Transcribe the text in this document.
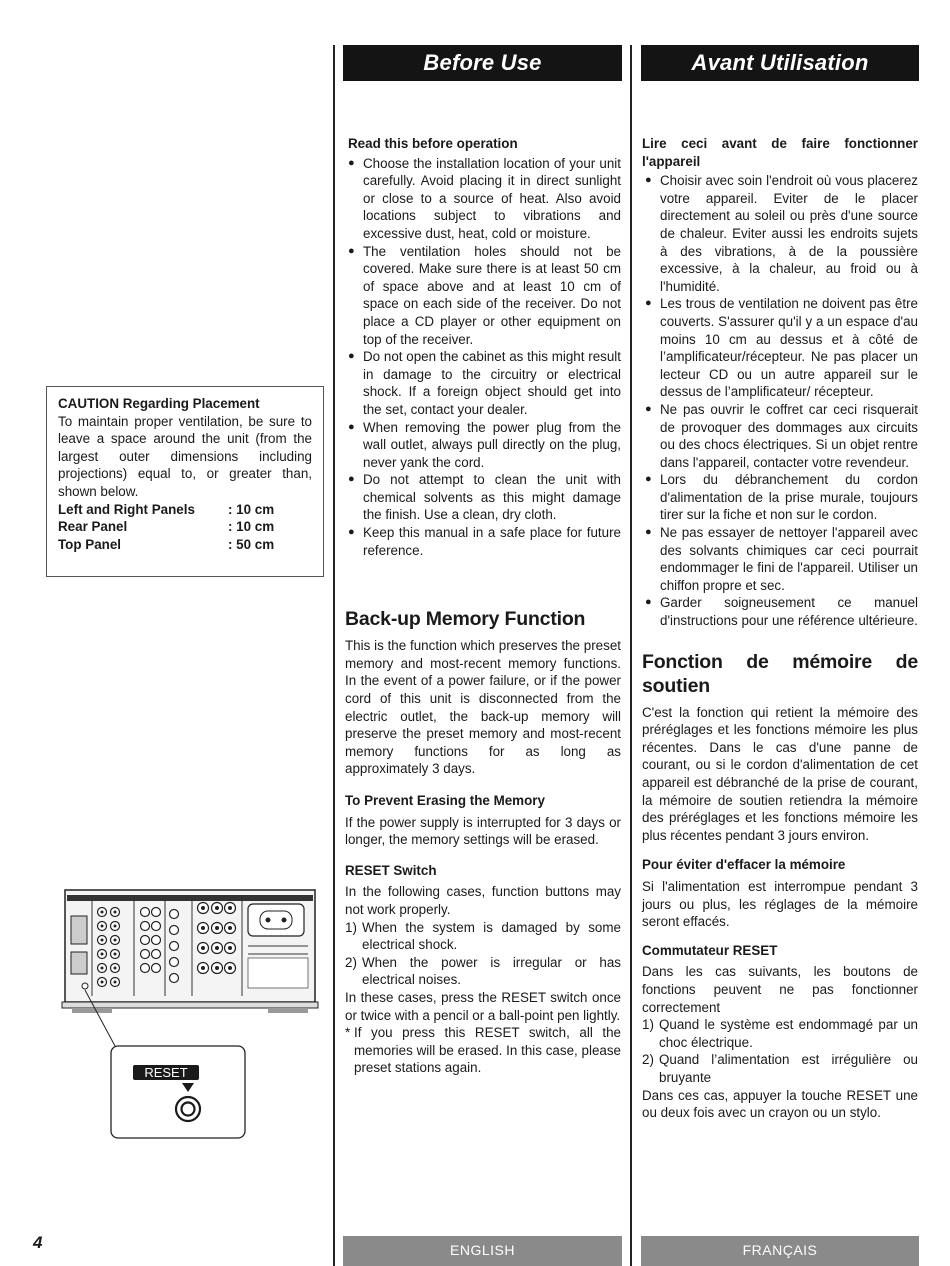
Before Use	Avant Utilisation

CAUTION Regarding Placement

To maintain proper ventilation, be sure to leave a space around the unit (from the largest outer dimensions including projections) equal to, or greater than, shown below.

Left and Right Panels	: 10 cm
Rear Panel	: 10 cm
Top Panel	: 50 cm
RESET

Read this before operation

● Choose the installation location of your unit carefully. Avoid placing it in direct sunlight or close to a source of heat. Also avoid locations subject to vibrations and excessive dust, heat, cold or moisture.
● The ventilation holes should not be covered. Make sure there is at least 50 cm of space above and at least 10 cm of space on each side of the receiver. Do not place a CD player or other equipment on top of the receiver.
● Do not open the cabinet as this might result in damage to the circuitry or electrical shock. If a foreign object should get into the set, contact your dealer.
● When removing the power plug from the wall outlet, always pull directly on the plug, never yank the cord.
● Do not attempt to clean the unit with chemical solvents as this might damage the finish. Use a clean, dry cloth.
● Keep this manual in a safe place for future reference.

Back-up Memory Function

This is the function which preserves the preset memory and most-recent memory functions. In the event of a power failure, or if the power cord of this unit is disconnected from the electric outlet, the back-up memory will preserve the preset memory and most-recent memory functions for as long as approximately 3 days.

To Prevent Erasing the Memory

If the power supply is interrupted for 3 days or longer, the memory settings will be erased.

RESET Switch

In the following cases, function buttons may not work properly.

1) When the system is damaged by some electrical shock.
2) When the power is irregular or has electrical noises.

In these cases, press the RESET switch once or twice with a pencil or a ball-point pen lightly.

* If you press this RESET switch, all the memories will be erased. In this case, please preset stations again.

Lire ceci avant de faire fonctionner l'appareil

● Choisir avec soin l'endroit où vous placerez votre appareil. Eviter de le placer directement au soleil ou près d'une source de chaleur. Eviter aussi les endroits sujets à des vibrations, à de la poussière excessive, à la chaleur, au froid ou à l'humidité.
● Les trous de ventilation ne doivent pas être couverts. S'assurer qu'il y a un espace d'au moins 10 cm au dessus et à côté de l’amplificateur/récepteur. Ne pas placer un lecteur CD ou un autre appareil sur le dessus de l’amplificateur/ récepteur.
● Ne pas ouvrir le coffret car ceci risquerait de provoquer des dommages aux circuits ou des chocs électriques. Si un objet rentre dans l'appareil, contacter votre revendeur.
● Lors du débranchement du cordon d'alimentation de la prise murale, toujours tirer sur la fiche et non sur le cordon.
● Ne pas essayer de nettoyer l'appareil avec des solvants chimiques car ceci pourrait endommager le fini de l'appareil. Utiliser un chiffon propre et sec.
● Garder soigneusement ce manuel d'instructions pour une référence ultérieure.

Fonction de mémoire de soutien

C'est la fonction qui retient la mémoire des préréglages et les fonctions mémoire les plus récentes. Dans le cas d'une panne de courant, ou si le cordon d'alimentation de cet appareil est débranché de la prise de courant, la mémoire de soutien retiendra la mémoire des préréglages et les fonctions mémoire les plus récentes pendant 3 jours environ.

Pour éviter d'effacer la mémoire

Si l'alimentation est interrompue pendant 3 jours ou plus, les réglages de la mémoire seront effacés.

Commutateur RESET

Dans les cas suivants, les boutons de fonctions peuvent ne pas fonctionner correctement

1) Quand le système est endommagé par un choc électrique.
2) Quand l’alimentation est irrégulière ou bruyante

Dans ces cas, appuyer la touche RESET une ou deux fois avec un crayon ou un stylo.

ENGLISH	FRANÇAIS
4
